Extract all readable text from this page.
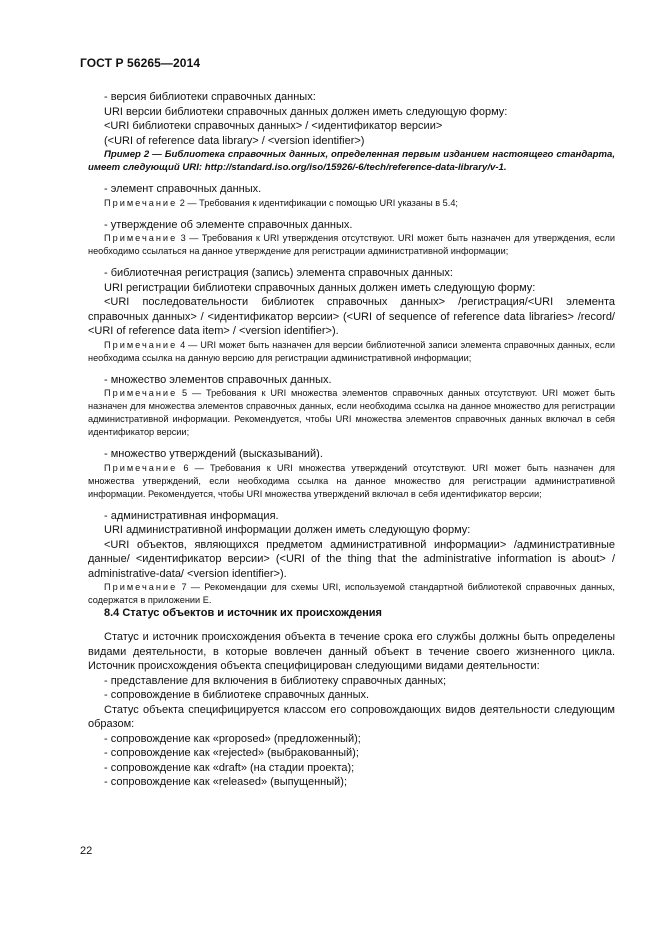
ГОСТ Р 56265—2014

- версия библиотеки справочных данных:

URI версии библиотеки справочных данных должен иметь следующую форму:

<URI библиотеки справочных данных> / <идентификатор версии>

(<URI of reference data library> / <version identifier>)

Пример 2 — Библиотека справочных данных, определенная первым изданием настоящего стандарта, имеет следующий URI: http://standard.iso.org/iso/15926/-6/tech/reference-data-library/v-1.

- элемент справочных данных.

Примечание 2 — Требования к идентификации с помощью URI указаны в 5.4;

- утверждение об элементе справочных данных.

Примечание 3 — Требования к URI утверждения отсутствуют. URI может быть назначен для утверждения, если необходимо ссылаться на данное утверждение для регистрации административной информации;

- библиотечная регистрация (запись) элемента справочных данных:

URI регистрации библиотеки справочных данных должен иметь следующую форму:

<URI последовательности библиотек справочных данных> /регистрация/<URI элемента справочных данных> / <идентификатор версии> (<URI of sequence of reference data libraries> /record/ <URI of reference data item> / <version identifier>).

Примечание 4 — URI может быть назначен для версии библиотечной записи элемента справочных данных, если необходима ссылка на данную версию для регистрации административной информации;

- множество элементов справочных данных.

Примечание 5 — Требования к URI множества элементов справочных данных отсутствуют. URI может быть назначен для множества элементов справочных данных, если необходима ссылка на данное множество для регистрации административной информации. Рекомендуется, чтобы URI множества элементов справочных данных включал в себя идентификатор версии;

- множество утверждений (высказываний).

Примечание 6 — Требования к URI множества утверждений отсутствуют. URI может быть назначен для множества утверждений, если необходима ссылка на данное множество для регистрации административной информации. Рекомендуется, чтобы URI множества утверждений включал в себя идентификатор версии;

- административная информация.

URI административной информации должен иметь следующую форму:

<URI объектов, являющихся предметом административной информации> /административные данные/ <идентификатор версии> (<URI of the thing that the administrative information is about> / administrative-data/ <version identifier>).

Примечание 7 — Рекомендации для схемы URI, используемой стандартной библиотекой справочных данных, содержатся в приложении Е.

8.4 Статус объектов и источник их происхождения

Статус и источник происхождения объекта в течение срока его службы должны быть определены видами деятельности, в которые вовлечен данный объект в течение своего жизненного цикла. Источник происхождения объекта специфицирован следующими видами деятельности:

- представление для включения в библиотеку справочных данных;

- сопровождение в библиотеке справочных данных.

Статус объекта специфицируется классом его сопровождающих видов деятельности следующим образом:

- сопровождение как «proposed» (предложенный);

- сопровождение как «rejected» (выбракованный);

- сопровождение как «draft» (на стадии проекта);

- сопровождение как «released» (выпущенный);

22
